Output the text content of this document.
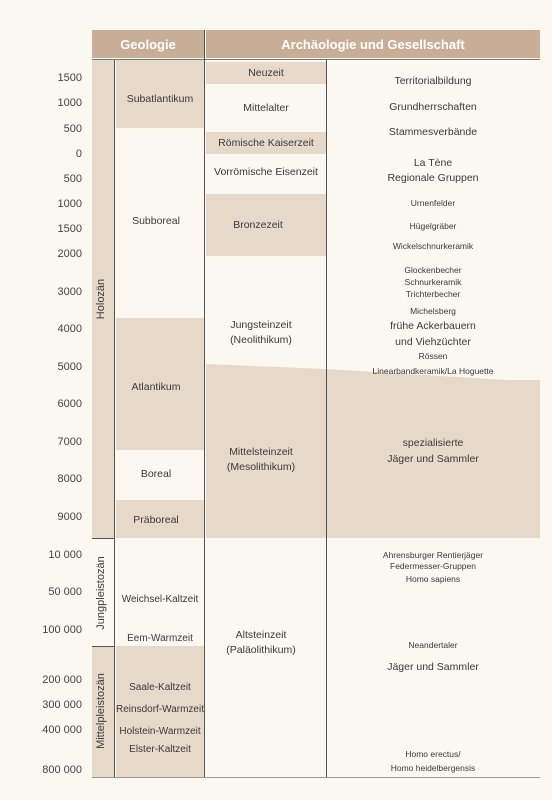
Geologie	Archäologie und Gesellschaft
1500
1000
500
0
500
1000
1500
2000
3000
4000
5000
6000
7000
8000
9000
10 000
50 000
100 000
200 000
300 000
400 000
800 000
Holozän
Jungpleistozän
Mittelpleistozän
Subatlantikum
Subboreal
Atlantikum
Boreal
Präboreal
Weichsel-Kaltzeit
Eem-Warmzeit
Saale-Kaltzeit
Reinsdorf-Warmzeit
Holstein-Warmzeit
Elster-Kaltzeit
Neuzeit
Mittelalter
Römische Kaiserzeit
Vorrömische Eisenzeit
Bronzezeit
Jungsteinzeit
(Neolithikum)
Mittelsteinzeit
(Mesolithikum)
Altsteinzeit
(Paläolithikum)
Territorialbildung
Grundherrschaften
Stammesverbände
La Tène
Regionale Gruppen
Urnenfelder
Hügelgräber
Wickelschnurkeramik
Glockenbecher
Schnurkeramik
Trichterbecher
Michelsberg
frühe Ackerbauern
und Viehzüchter
Rössen
Linearbandkeramik/La Hoguette
spezialisierte
Jäger und Sammler
Ahrensburger Rentierjäger
Federmesser-Gruppen
Homo sapiens
Neandertaler
Jäger und Sammler
Homo erectus/
Homo heidelbergensis
